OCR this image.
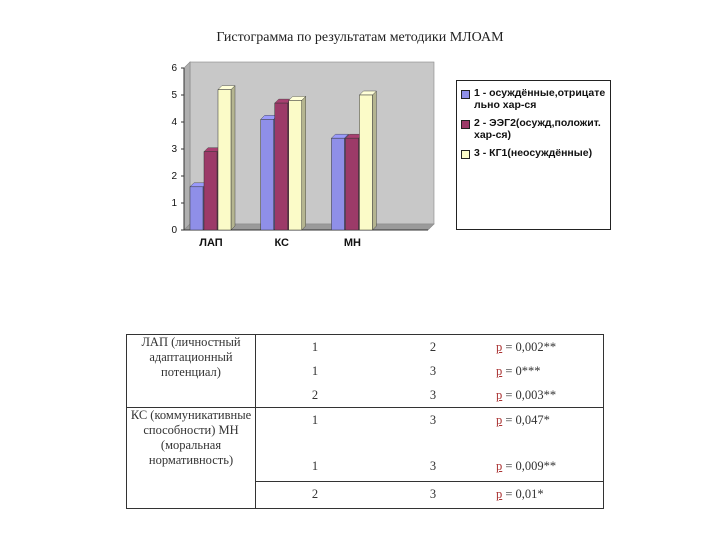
Гистограмма по результатам методики МЛОАМ
0
1
2
3
4
5
6
ЛАП	КС	МН
1 - осуждённые,отрицате льно хар-ся
2 - ЭЭГ2(осужд,положит. хар-ся)
3 - КГ1(неосуждённые)
ЛАП (личностный адаптационный потенциал)	1	2	p = 0,002**

	1	3	p = 0***

	2	3	p = 0,003**

КС (коммуникативные способности) МН (моральная нормативность)	1	3	p = 0,047*

	1	3	p = 0,009**

	2	3	p = 0,01*
